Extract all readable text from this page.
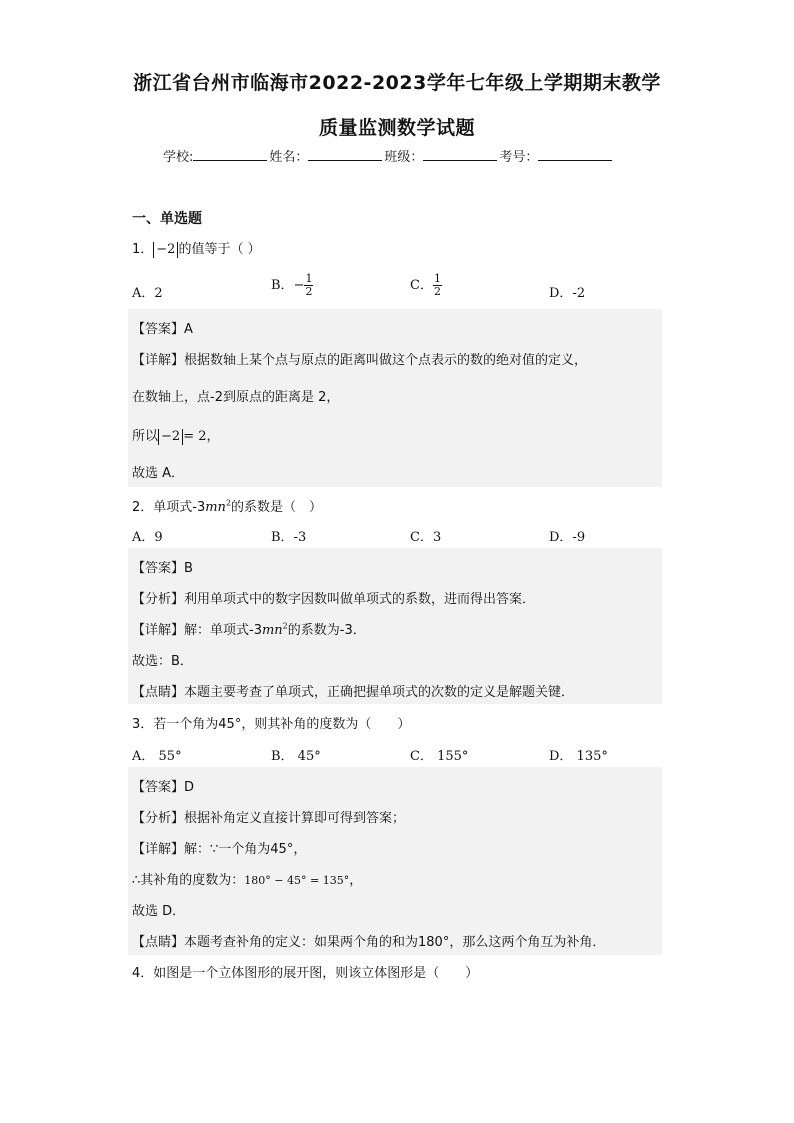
浙江省台州市临海市2022-2023学年七年级上学期期末教学
质量监测数学试题
学校:	姓名：	班级：	考号：
一、单选题
1． −2 的值等于（ ）
A．2
B．− $\frac{1}{2}$	C． $\frac{1}{2}$	D．-2
【答案】A
【详解】根据数轴上某个点与原点的距离叫做这个点表示的数的绝对值的定义，
在数轴上，点-2到原点的距离是 2，
所以 −2 = 2，
故选 A．
2．单项式$-3mn^2$的系数是（　）
A．9	B．-3	C．3	D．-9
【答案】B
【分析】利用单项式中的数字因数叫做单项式的系数，进而得出答案．
【详解】解：单项式$-3mn^2$的系数为-3．
故选：B．
【点睛】本题主要考查了单项式，正确把握单项式的次数的定义是解题关键．
3．若一个角为45°，则其补角的度数为（　　）
A． 55°	B． 45°	C． 155°	D． 135°
【答案】D
【分析】根据补角定义直接计算即可得到答案；
【详解】解：∵一个角为45°，
∴其补角的度数为：180° − 45° = 135°，
故选 D．
【点睛】本题考查补角的定义：如果两个角的和为180°，那么这两个角互为补角．
4．如图是一个立体图形的展开图，则该立体图形是（　　）
